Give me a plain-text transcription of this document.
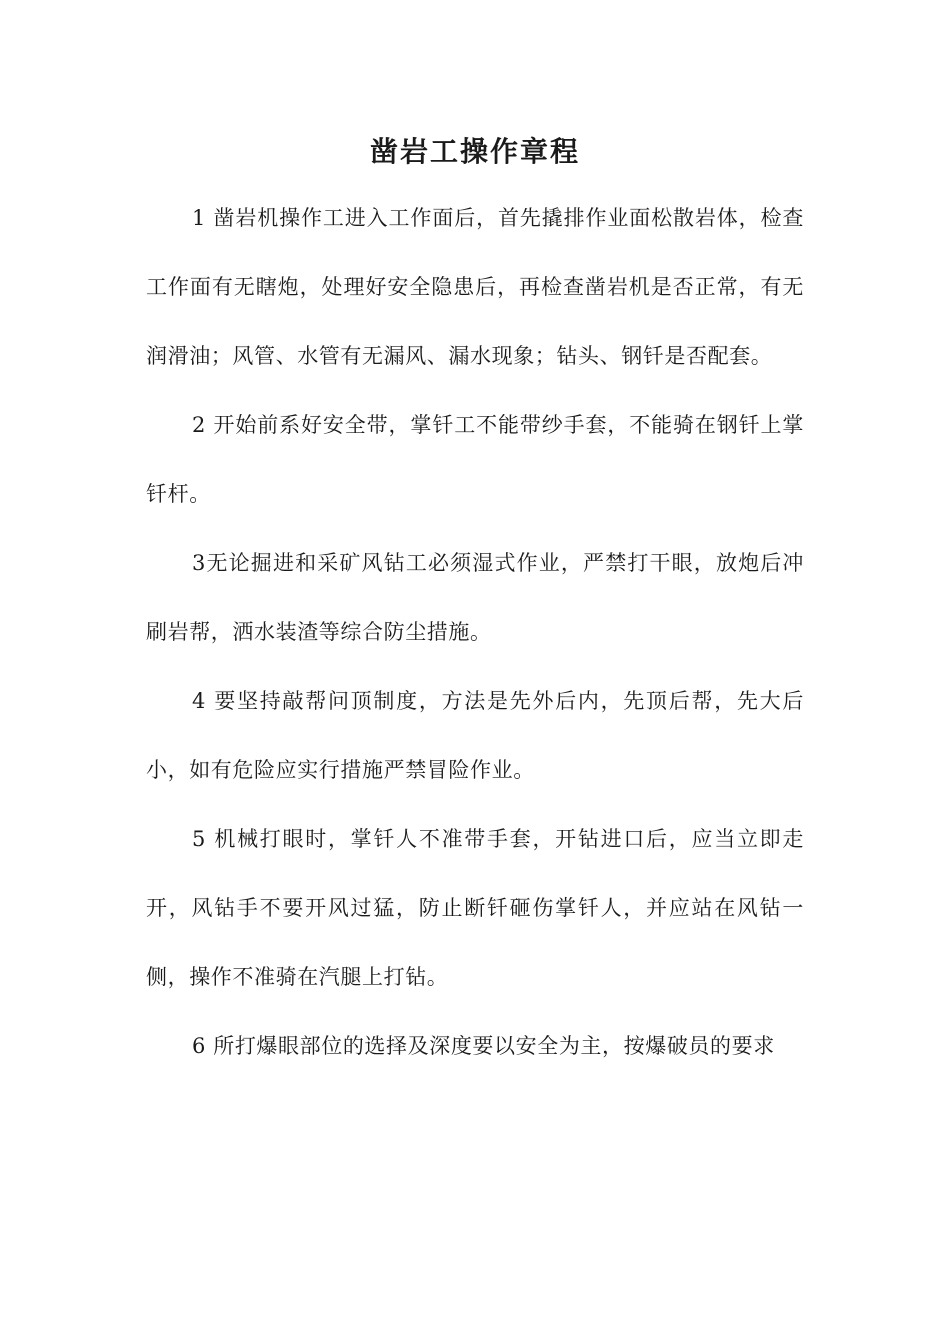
凿岩工操作章程

1 凿岩机操作工进入工作面后，首先撬排作业面松散岩体，检查工作面有无瞎炮，处理好安全隐患后，再检查凿岩机是否正常，有无润滑油；风管、水管有无漏风、漏水现象；钻头、钢钎是否配套。

2 开始前系好安全带，掌钎工不能带纱手套，不能骑在钢钎上掌钎杆。

3无论掘进和采矿风钻工必须湿式作业，严禁打干眼，放炮后冲刷岩帮，洒水装渣等综合防尘措施。

4 要坚持敲帮问顶制度，方法是先外后内，先顶后帮，先大后小，如有危险应实行措施严禁冒险作业。

5 机械打眼时，掌钎人不准带手套，开钻进口后，应当立即走开，风钻手不要开风过猛，防止断钎砸伤掌钎人，并应站在风钻一侧，操作不准骑在汽腿上打钻。

6 所打爆眼部位的选择及深度要以安全为主，按爆破员的要求
